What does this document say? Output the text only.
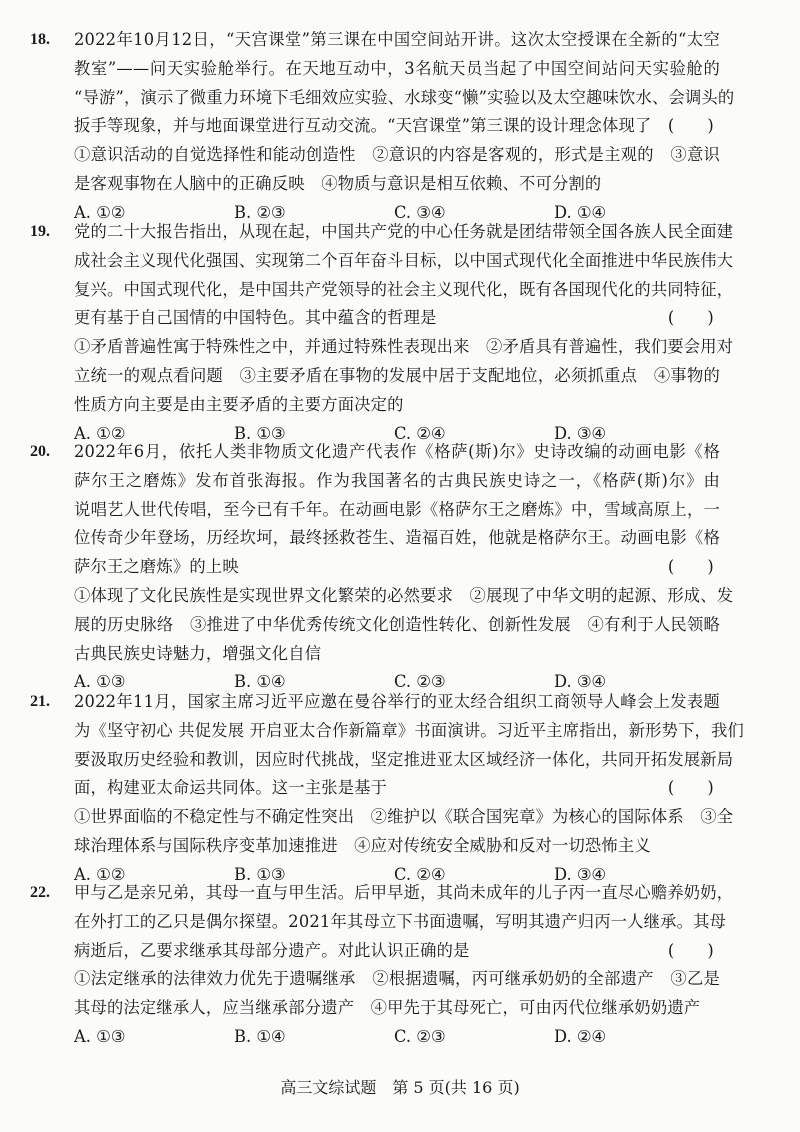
18. 2022年10月12日，“天宫课堂”第三课在中国空间站开讲。这次太空授课在全新的“太空
教室”——问天实验舱举行。在天地互动中，3名航天员当起了中国空间站问天实验舱的
“导游”，演示了微重力环境下毛细效应实验、水球变“懒”实验以及太空趣味饮水、会调头的
扳手等现象，并与地面课堂进行互动交流。“天宫课堂”第三课的设计理念体现了 (　　)
①意识活动的自觉选择性和能动创造性　②意识的内容是客观的，形式是主观的　③意识
是客观事物在人脑中的正确反映　④物质与意识是相互依赖、不可分割的
A. ①②	B. ②③	C. ③④	D. ①④
19. 党的二十大报告指出，从现在起，中国共产党的中心任务就是团结带领全国各族人民全面建
成社会主义现代化强国、实现第二个百年奋斗目标，以中国式现代化全面推进中华民族伟大
复兴。中国式现代化，是中国共产党领导的社会主义现代化，既有各国现代化的共同特征，
更有基于自己国情的中国特色。其中蕴含的哲理是	(　　)
①矛盾普遍性寓于特殊性之中，并通过特殊性表现出来　②矛盾具有普遍性，我们要会用对
立统一的观点看问题　③主要矛盾在事物的发展中居于支配地位，必须抓重点　④事物的
性质方向主要是由主要矛盾的主要方面决定的
A. ①②	B. ①③	C. ②④	D. ③④
20. 2022年6月，依托人类非物质文化遗产代表作《格萨(斯)尔》史诗改编的动画电影《格
萨尔王之磨炼》发布首张海报。作为我国著名的古典民族史诗之一，《格萨(斯)尔》由
说唱艺人世代传唱，至今已有千年。在动画电影《格萨尔王之磨炼》中，雪域高原上，一
位传奇少年登场，历经坎坷，最终拯救苍生、造福百姓，他就是格萨尔王。动画电影《格
萨尔王之磨炼》的上映	(　　)
①体现了文化民族性是实现世界文化繁荣的必然要求　②展现了中华文明的起源、形成、发
展的历史脉络　③推进了中华优秀传统文化创造性转化、创新性发展　④有利于人民领略
古典民族史诗魅力，增强文化自信
A. ①③	B. ①④	C. ②③	D. ③④
21. 2022年11月，国家主席习近平应邀在曼谷举行的亚太经合组织工商领导人峰会上发表题
为《坚守初心 共促发展 开启亚太合作新篇章》书面演讲。习近平主席指出，新形势下，我们
要汲取历史经验和教训，因应时代挑战，坚定推进亚太区域经济一体化，共同开拓发展新局
面，构建亚太命运共同体。这一主张是基于	(　　)
①世界面临的不稳定性与不确定性突出　②维护以《联合国宪章》为核心的国际体系　③全
球治理体系与国际秩序变革加速推进　④应对传统安全威胁和反对一切恐怖主义
A. ①②	B. ①③	C. ②④	D. ③④
22. 甲与乙是亲兄弟，其母一直与甲生活。后甲早逝，其尚未成年的儿子丙一直尽心赡养奶奶，
在外打工的乙只是偶尔探望。2021年其母立下书面遗嘱，写明其遗产归丙一人继承。其母
病逝后，乙要求继承其母部分遗产。对此认识正确的是	(　　)
①法定继承的法律效力优先于遗嘱继承　②根据遗嘱，丙可继承奶奶的全部遗产　③乙是
其母的法定继承人，应当继承部分遗产　④甲先于其母死亡，可由丙代位继承奶奶遗产
A. ①③	B. ①④	C. ②③	D. ②④
高三文综试题　第 5 页(共 16 页)
